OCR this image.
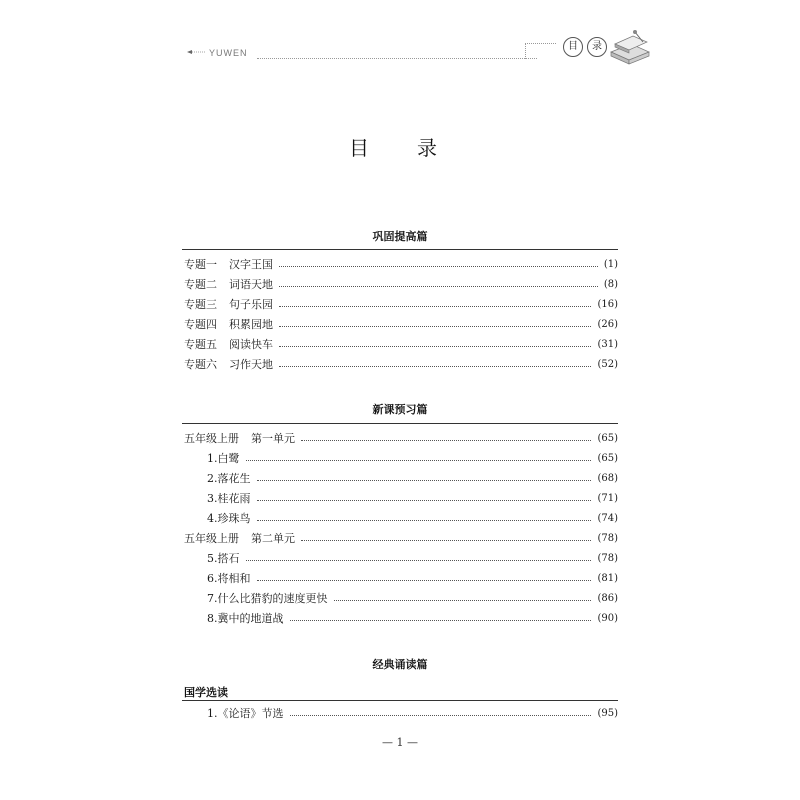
YUWEN
目	录
目　录
巩固提高篇
专题一 汉字王国	(1)
专题二 词语天地	(8)
专题三 句子乐园	(16)
专题四 积累园地	(26)
专题五 阅读快车	(31)
专题六 习作天地	(52)
新课预习篇
五年级上册 第一单元	(65)
1.白鹭	(65)
2.落花生	(68)
3.桂花雨	(71)
4.珍珠鸟	(74)
五年级上册 第二单元	(78)
5.搭石	(78)
6.将相和	(81)
7.什么比猎豹的速度更快	(86)
8.冀中的地道战	(90)
经典诵读篇
国学选读
1.《论语》节选	(95)
— 1 —
